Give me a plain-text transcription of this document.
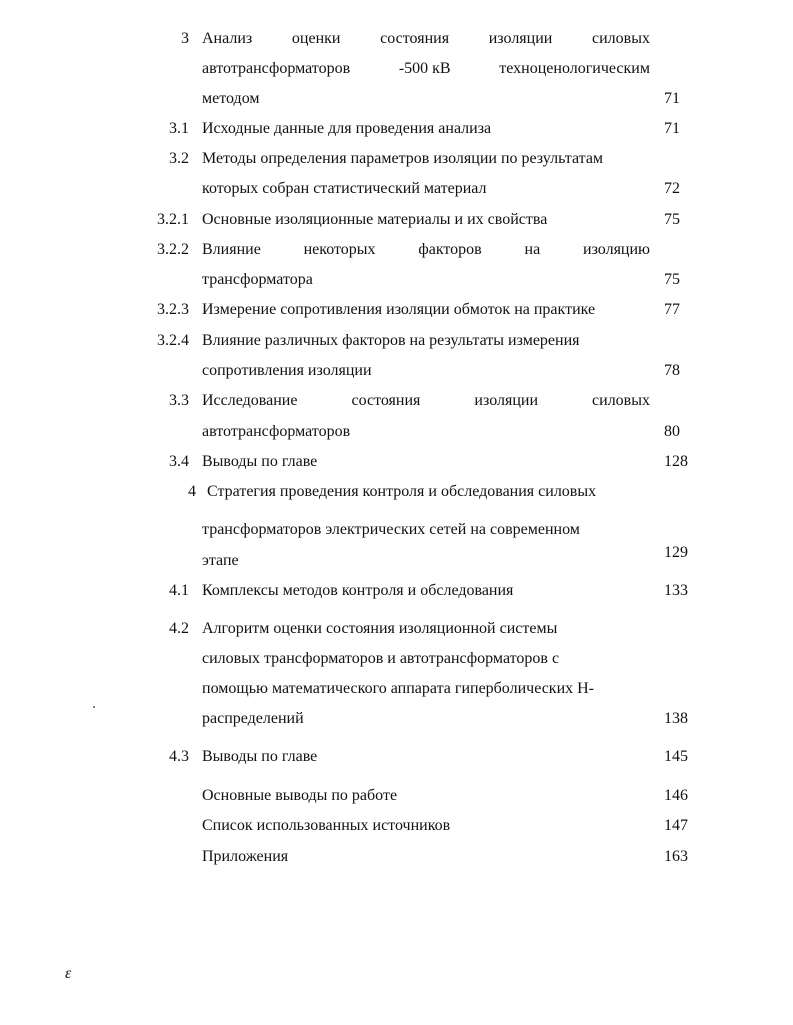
3 Анализ оценки состояния изоляции силовых
автотрансформаторов	-500 кВ	техноценологическим
методом	71
3.1 Исходные данные для проведения анализа	71
3.2 Методы определения параметров изоляции по результатам
которых собран статистический материал	72
3.2.1 Основные изоляционные материалы и их свойства	75
3.2.2 Влияние	некоторых	факторов	на	изоляцию
трансформатора	75
3.2.3 Измерение сопротивления изоляции обмоток на практике	77
3.2.4 Влияние различных факторов на результаты измерения
сопротивления изоляции	78
3.3 Исследование	состояния	изоляции	силовых
автотрансформаторов	80
3.4 Выводы по главе	128
4 Стратегия проведения контроля и обследования силовых
трансформаторов электрических сетей на современном
этапе	129
4.1 Комплексы методов контроля и обследования	133
4.2 Алгоритм оценки состояния изоляционной системы
силовых трансформаторов и автотрансформаторов с
помощью математического аппарата гиперболических Н-
распределений	138
4.3 Выводы по главе	145
Основные выводы по работе	146
Список использованных источников	147
Приложения	163
ε
